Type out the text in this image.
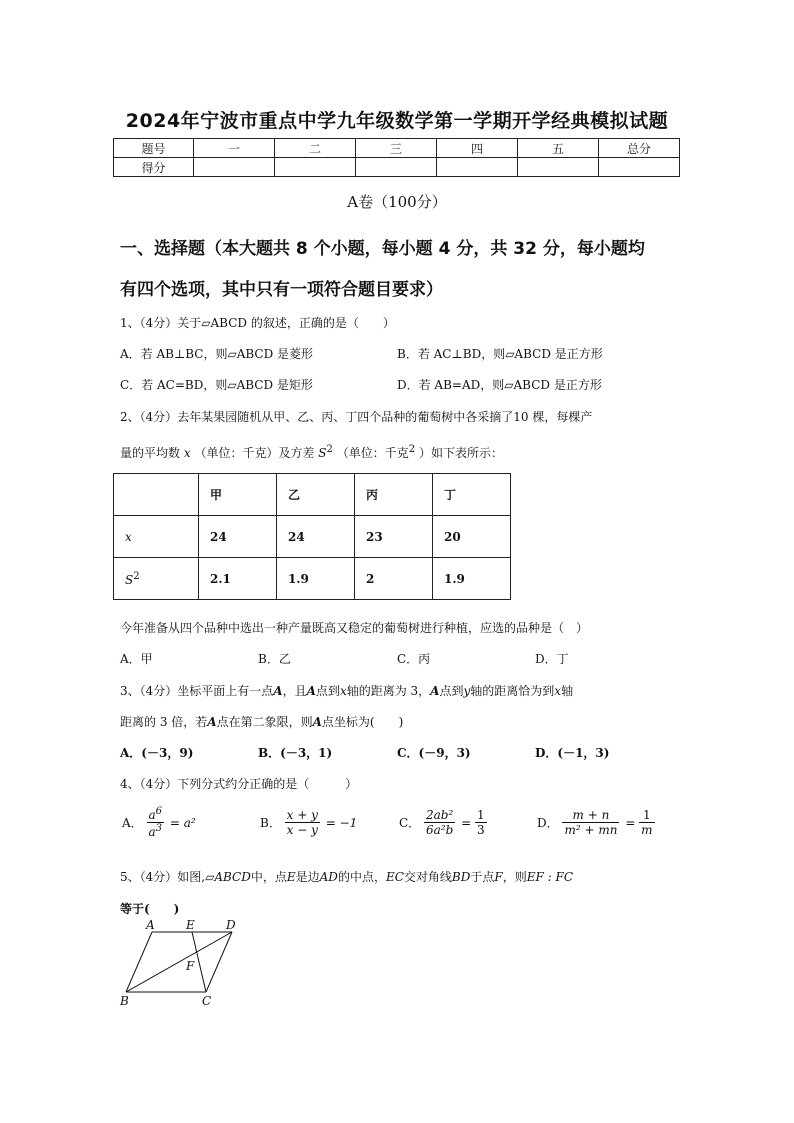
2024年宁波市重点中学九年级数学第一学期开学经典模拟试题
题号	一	二	三	四	五	总分
得分						
A卷（100分）
一、选择题（本大题共 8 个小题，每小题 4 分，共 32 分，每小题均
有四个选项，其中只有一项符合题目要求）
1、（4分）关于▱ABCD 的叙述，正确的是（　　）
A．若 AB⊥BC，则▱ABCD 是菱形	B．若 AC⊥BD，则▱ABCD 是正方形
C．若 AC=BD，则▱ABCD 是矩形	D．若 AB=AD，则▱ABCD 是正方形
2、（4分）去年某果园随机从甲、乙、丙、丁四个品种的葡萄树中各采摘了10 棵，每棵产
量的平均数 x （单位：千克）及方差 $S^2$ （单位：千克$^2$ ）如下表所示：
	甲	乙	丙	丁
x	24	24	23	20
$S^2$	2.1	1.9	2	1.9
今年准备从四个品种中选出一种产量既高又稳定的葡萄树进行种植，应选的品种是（　）
A．甲	B．乙	C．丙	D．丁
3、（4分）坐标平面上有一点A，且A点到x轴的距离为 3，A点到y轴的距离恰为到x轴
距离的 3 倍，若A点在第二象限，则A点坐标为(　　)
A．(－3，9)	B．(－3，1)	C．(－9，3)	D．(－1，3)
4、（4分）下列分式约分正确的是（　　　）
A． $\frac{a^6}{a^3} = a^2$	B． $\frac{x + y}{x - y} = -1$	C． $\frac{\text{2ab²}}{\text{6a²b}} = \frac{1}{3}$	D． $\frac{m + n}{\text{m² + mn}} = \frac{1}{m}$
5、（4分）如图,▱ABCD中，点E是边AD的中点，EC交对角线BD于点F，则EF : FC
等于(　　)
A	E	D
F
B	C
